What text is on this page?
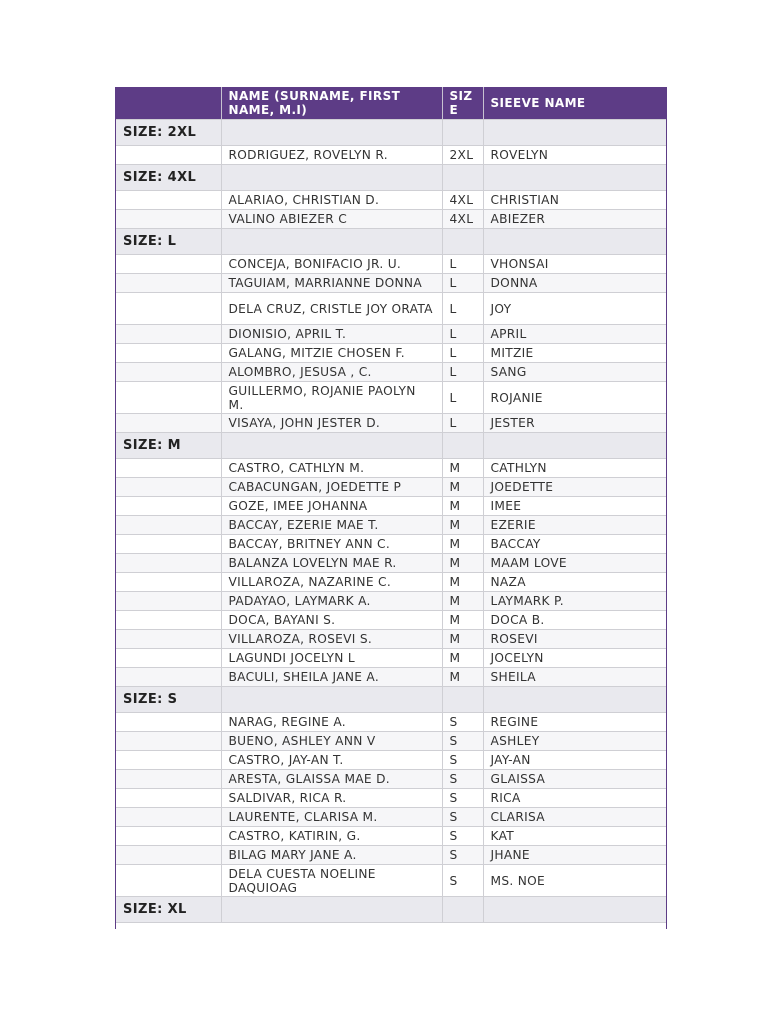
	NAME (SURNAME, FIRST NAME, M.I)	SIZ E	SIEEVE NAME
SIZE: 2XL			
	RODRIGUEZ, ROVELYN R.	2XL	ROVELYN
SIZE: 4XL			
	ALARIAO, CHRISTIAN D.	4XL	CHRISTIAN
	VALINO ABIEZER C	4XL	ABIEZER
SIZE: L			
	CONCEJA, BONIFACIO JR. U.	L	VHONSAI
	TAGUIAM, MARRIANNE DONNA	L	DONNA
	DELA CRUZ, CRISTLE JOY ORATA	L	JOY
	DIONISIO, APRIL T.	L	APRIL
	GALANG, MITZIE CHOSEN F.	L	MITZIE
	ALOMBRO, JESUSA , C.	L	SANG
	GUILLERMO, ROJANIE PAOLYN M.	L	ROJANIE
	VISAYA, JOHN JESTER D.	L	JESTER
SIZE: M			
	CASTRO, CATHLYN M.	M	CATHLYN
	CABACUNGAN, JOEDETTE P	M	JOEDETTE
	GOZE, IMEE JOHANNA	M	IMEE
	BACCAY, EZERIE MAE T.	M	EZERIE
	BACCAY, BRITNEY ANN C.	M	BACCAY
	BALANZA LOVELYN MAE R.	M	MAAM LOVE
	VILLAROZA, NAZARINE C.	M	NAZA
	PADAYAO, LAYMARK A.	M	LAYMARK P.
	DOCA, BAYANI S.	M	DOCA B.
	VILLAROZA, ROSEVI S.	M	ROSEVI
	LAGUNDI JOCELYN L	M	JOCELYN
	BACULI, SHEILA JANE A.	M	SHEILA
SIZE: S			
	NARAG, REGINE A.	S	REGINE
	BUENO, ASHLEY ANN V	S	ASHLEY
	CASTRO, JAY-AN T.	S	JAY-AN
	ARESTA, GLAISSA MAE D.	S	GLAISSA
	SALDIVAR, RICA R.	S	RICA
	LAURENTE, CLARISA M.	S	CLARISA
	CASTRO, KATIRIN, G.	S	KAT
	BILAG MARY JANE A.	S	JHANE
	DELA CUESTA NOELINE DAQUIOAG	S	MS. NOE
SIZE: XL			
